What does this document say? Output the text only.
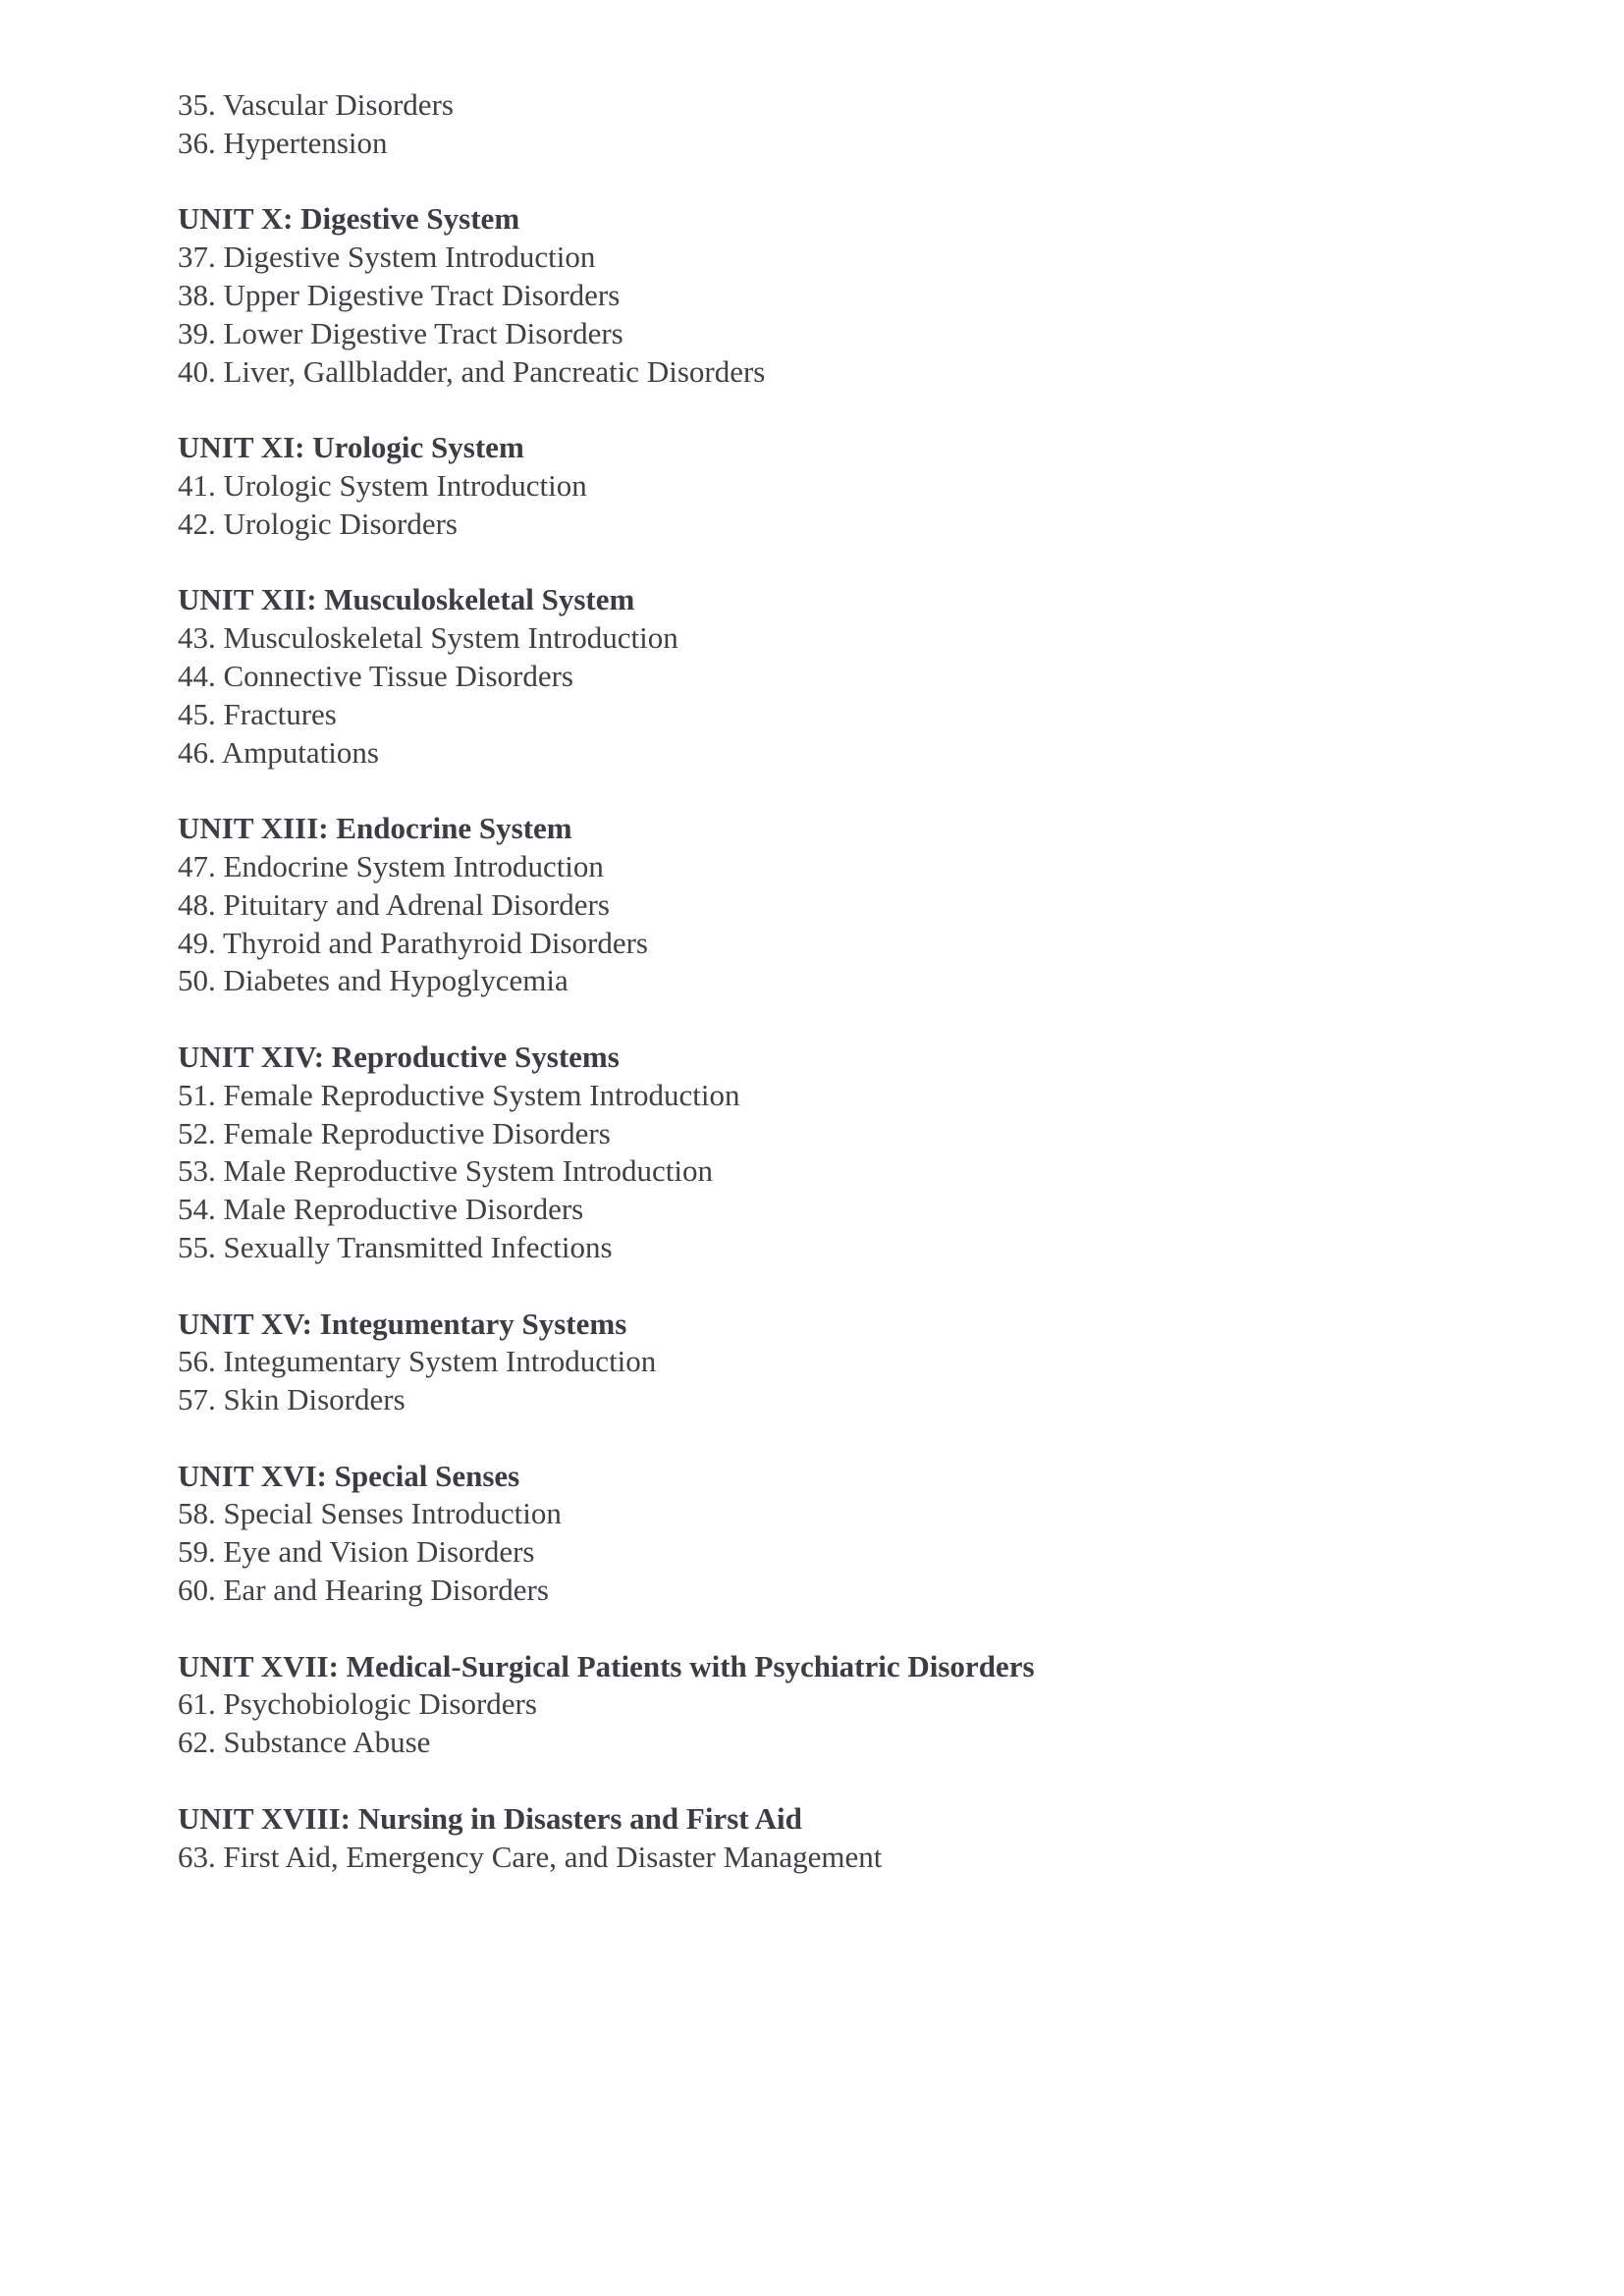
35. Vascular Disorders
36. Hypertension
UNIT X: Digestive System
37. Digestive System Introduction
38. Upper Digestive Tract Disorders
39. Lower Digestive Tract Disorders
40. Liver, Gallbladder, and Pancreatic Disorders
UNIT XI: Urologic System
41. Urologic System Introduction
42. Urologic Disorders
UNIT XII: Musculoskeletal System
43. Musculoskeletal System Introduction
44. Connective Tissue Disorders
45. Fractures
46. Amputations
UNIT XIII: Endocrine System
47. Endocrine System Introduction
48. Pituitary and Adrenal Disorders
49. Thyroid and Parathyroid Disorders
50. Diabetes and Hypoglycemia
UNIT XIV: Reproductive Systems
51. Female Reproductive System Introduction
52. Female Reproductive Disorders
53. Male Reproductive System Introduction
54. Male Reproductive Disorders
55. Sexually Transmitted Infections
UNIT XV: Integumentary Systems
56. Integumentary System Introduction
57. Skin Disorders
UNIT XVI: Special Senses
58. Special Senses Introduction
59. Eye and Vision Disorders
60. Ear and Hearing Disorders
UNIT XVII: Medical-Surgical Patients with Psychiatric Disorders
61. Psychobiologic Disorders
62. Substance Abuse
UNIT XVIII: Nursing in Disasters and First Aid
63. First Aid, Emergency Care, and Disaster Management
